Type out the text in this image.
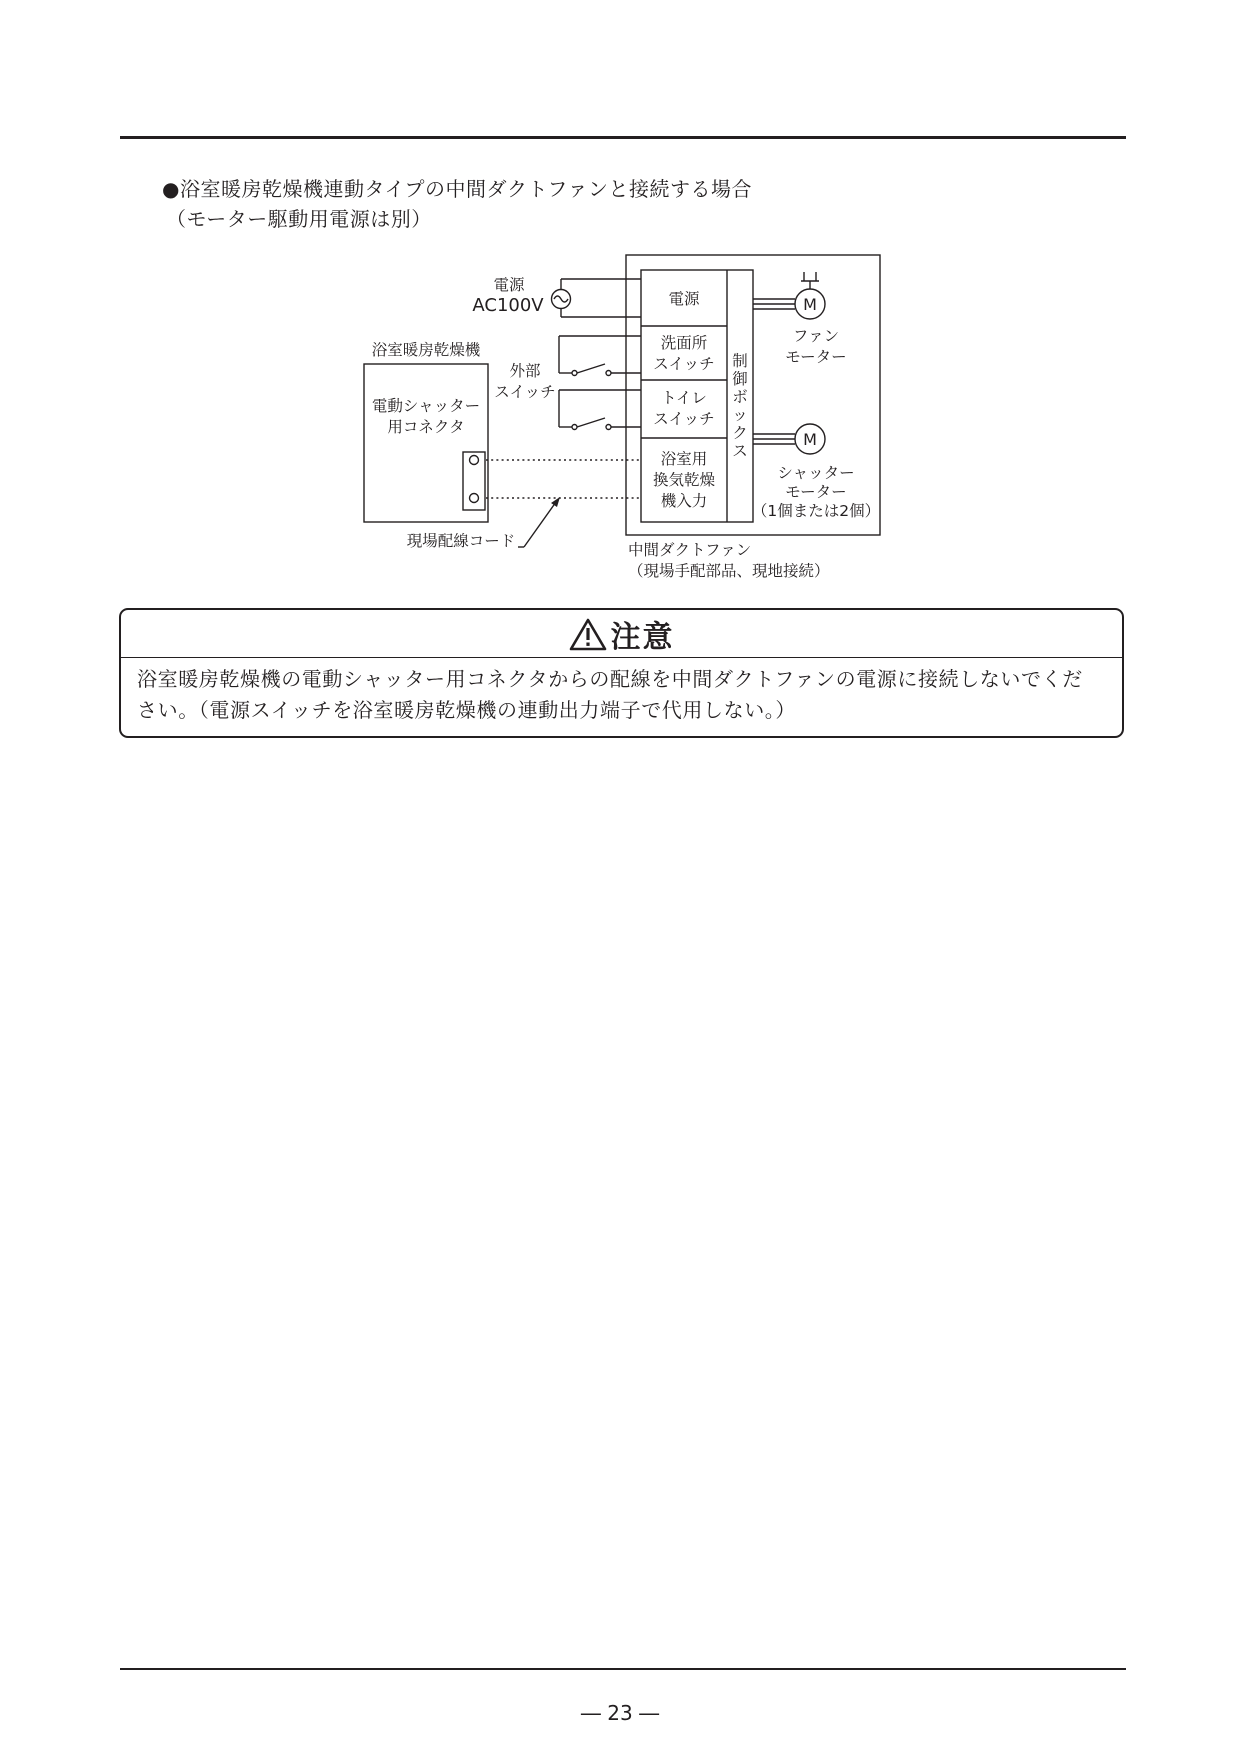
●浴室暖房乾燥機連動タイプの中間ダクトファンと接続する場合
（モーター駆動用電源は別）
電源
AC100V
浴室暖房乾燥機
電動シャッター
用コネクタ
外部
スイッチ
現場配線コード
電源
洗面所
スイッチ
トイレ
スイッチ
浴室用
換気乾燥
機入力
制
御
ボ
ッ
ク
ス
M
M
ファン
モーター
シャッター
モーター
（1個または2個）
中間ダクトファン
（現場手配部品、現地接続）
注意
浴室暖房乾燥機の電動シャッター用コネクタからの配線を中間ダクトファンの電源に接続しないでくだ
さい。（電源スイッチを浴室暖房乾燥機の連動出力端子で代用しない。）
― 23 ―
